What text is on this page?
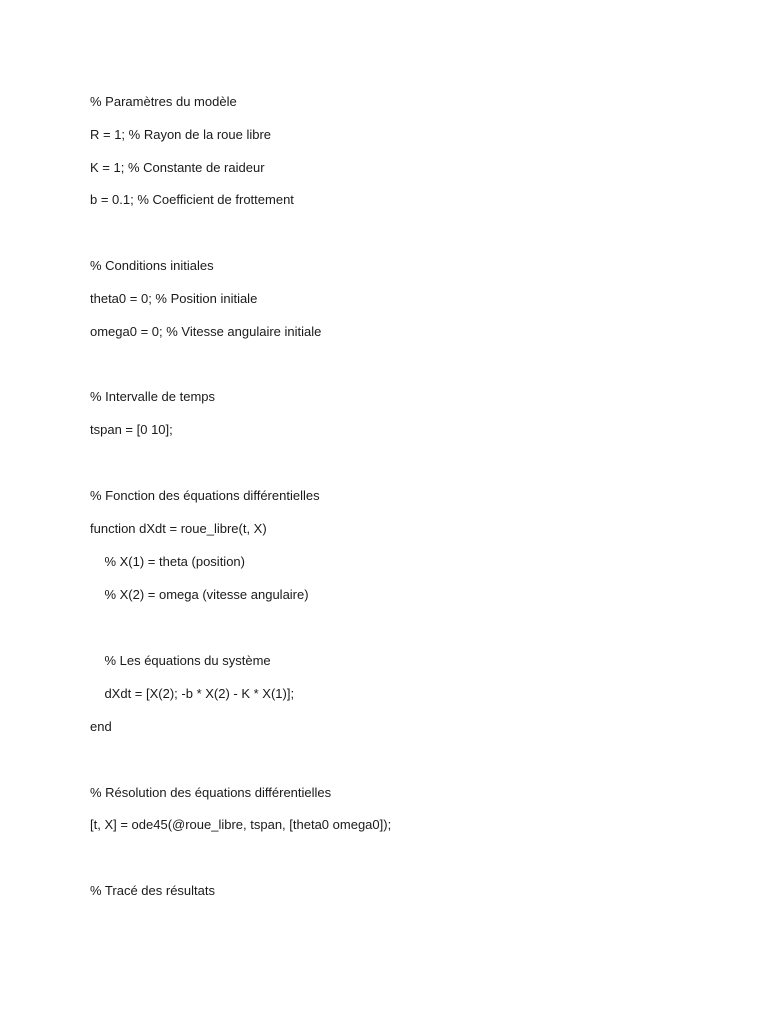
% Paramètres du modèle
R = 1; % Rayon de la roue libre
K = 1; % Constante de raideur
b = 0.1; % Coefficient de frottement
% Conditions initiales
theta0 = 0; % Position initiale
omega0 = 0; % Vitesse angulaire initiale
% Intervalle de temps
tspan = [0 10];
% Fonction des équations différentielles
function dXdt = roue_libre(t, X)
% X(1) = theta (position)
% X(2) = omega (vitesse angulaire)
% Les équations du système
dXdt = [X(2); -b * X(2) - K * X(1)];
end
% Résolution des équations différentielles
[t, X] = ode45(@roue_libre, tspan, [theta0 omega0]);
% Tracé des résultats
